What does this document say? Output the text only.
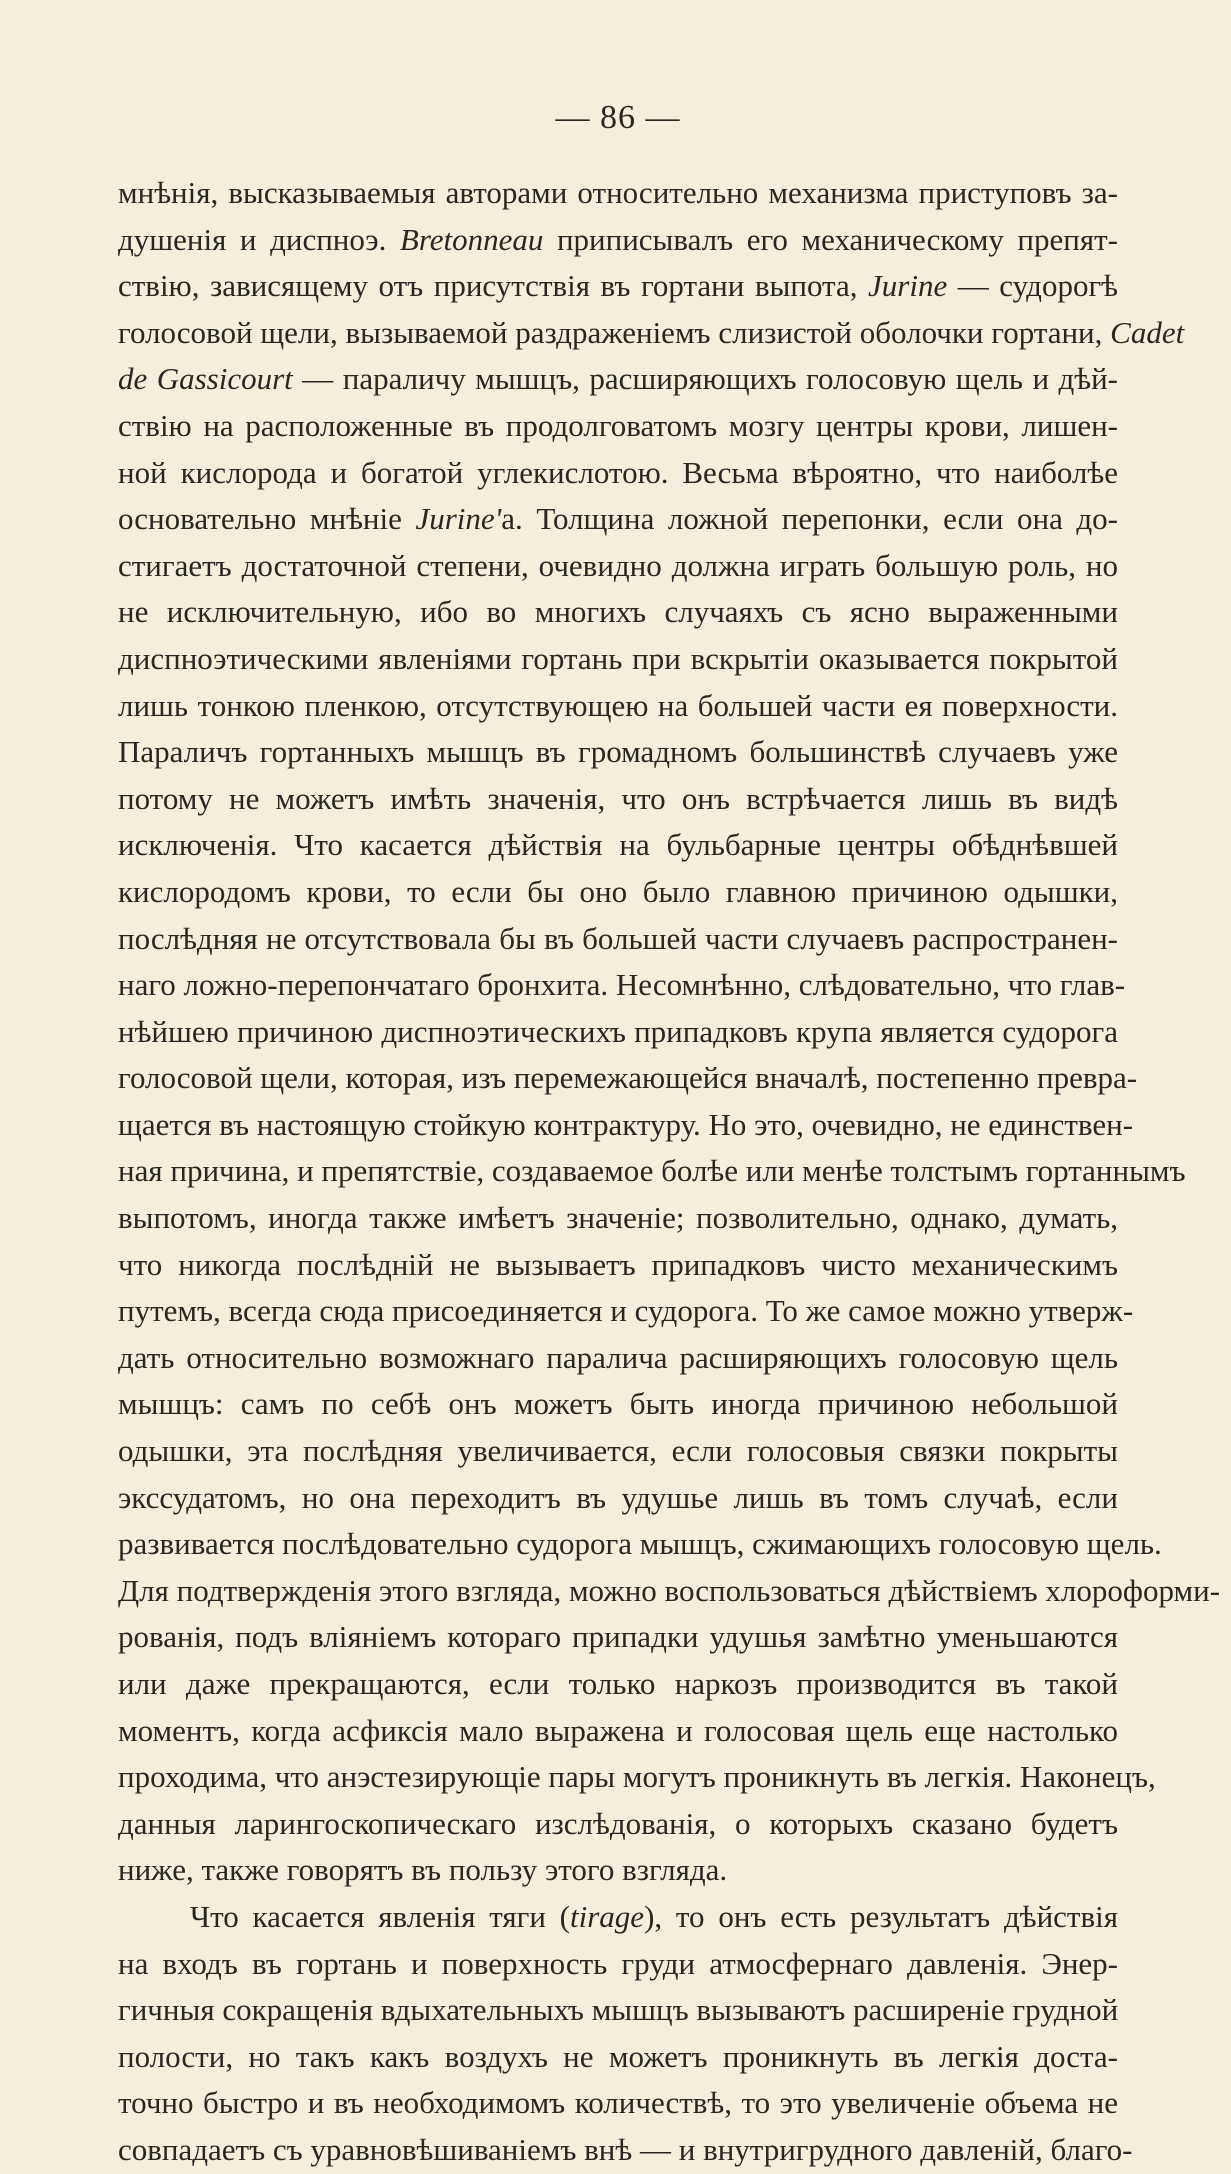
— 86 —
мнѣнія, высказываемыя авторами относительно механизма приступовъ за-
душенія и диспноэ. Bretonneau приписывалъ его механическому препят-
ствію, зависящему отъ присутствія въ гортани выпота, Jurine — судорогѣ
голосовой щели, вызываемой раздраженіемъ слизистой оболочки гортани, Cadet
de Gassicourt — параличу мышцъ, расширяющихъ голосовую щель и дѣй-
ствію на расположенные въ продолговатомъ мозгу центры крови, лишен-
ной кислорода и богатой углекислотою. Весьма вѣроятно, что наиболѣе
основательно мнѣніе Jurine'а. Толщина ложной перепонки, если она до-
стигаетъ достаточной степени, очевидно должна играть большую роль, но
не исключительную, ибо во многихъ случаяхъ съ ясно выраженными
диспноэтическими явленіями гортань при вскрытіи оказывается покрытой
лишь тонкою пленкою, отсутствующею на большей части ея поверхности.
Параличъ гортанныхъ мышцъ въ громадномъ большинствѣ случаевъ уже
потому не можетъ имѣть значенія, что онъ встрѣчается лишь въ видѣ
исключенія. Что касается дѣйствія на бульбарные центры обѣднѣвшей
кислородомъ крови, то если бы оно было главною причиною одышки,
послѣдняя не отсутствовала бы въ большей части случаевъ распространен-
наго ложно-перепончатаго бронхита. Несомнѣнно, слѣдовательно, что глав-
нѣйшею причиною диспноэтическихъ припадковъ крупа является судорога
голосовой щели, которая, изъ перемежающейся вначалѣ, постепенно превра-
щается въ настоящую стойкую контрактуру. Но это, очевидно, не единствен-
ная причина, и препятствіе, создаваемое болѣе или менѣе толстымъ гортаннымъ
выпотомъ, иногда также имѣетъ значеніе; позволительно, однако, думать,
что никогда послѣдній не вызываетъ припадковъ чисто механическимъ
путемъ, всегда сюда присоединяется и судорога. То же самое можно утверж-
дать относительно возможнаго паралича расширяющихъ голосовую щель
мышцъ: самъ по себѣ онъ можетъ быть иногда причиною небольшой
одышки, эта послѣдняя увеличивается, если голосовыя связки покрыты
экссудатомъ, но она переходитъ въ удушье лишь въ томъ случаѣ, если
развивается послѣдовательно судорога мышцъ, сжимающихъ голосовую щель.
Для подтвержденія этого взгляда, можно воспользоваться дѣйствіемъ хлороформи-
рованія, подъ вліяніемъ котораго припадки удушья замѣтно уменьшаются
или даже прекращаются, если только наркозъ производится въ такой
моментъ, когда асфиксія мало выражена и голосовая щель еще настолько
проходима, что анэстезирующіе пары могутъ проникнуть въ легкія. Наконецъ,
данныя ларингоскопическаго изслѣдованія, о которыхъ сказано будетъ
ниже, также говорятъ въ пользу этого взгляда.
Что касается явленія тяги (tirage), то онъ есть результатъ дѣйствія
на входъ въ гортань и поверхность груди атмосфернаго давленія. Энер-
гичныя сокращенія вдыхательныхъ мышцъ вызываютъ расширеніе грудной
полости, но такъ какъ воздухъ не можетъ проникнуть въ легкія доста-
точно быстро и въ необходимомъ количествѣ, то это увеличеніе объема не
совпадаетъ съ уравновѣшиваніемъ внѣ — и внутригрудного давленій, благо-
